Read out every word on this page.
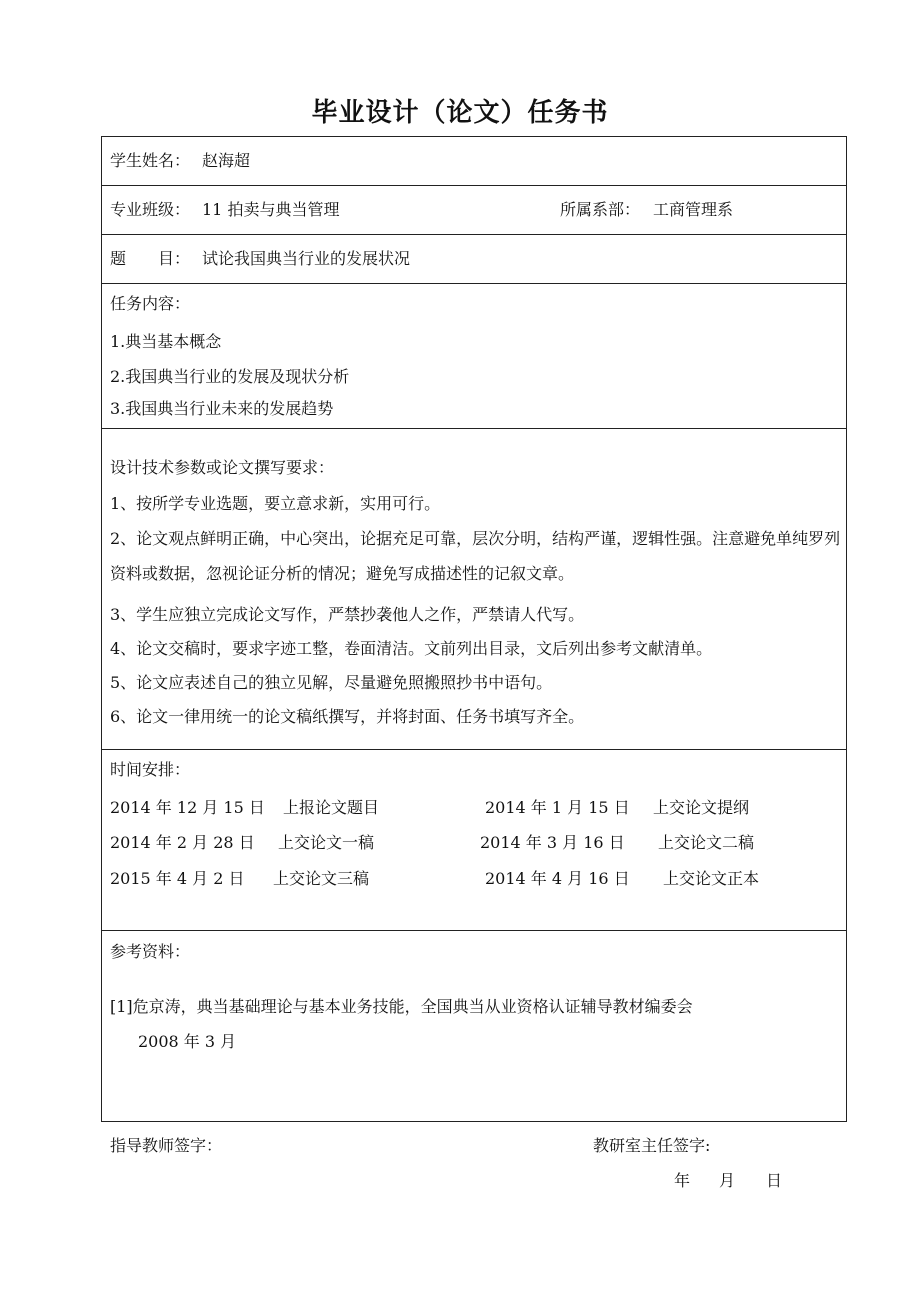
毕业设计（论文）任务书
学生姓名： 赵海超
专业班级： 11 拍卖与典当管理	所属系部： 工商管理系
题　　目： 试论我国典当行业的发展状况
任务内容：
1.典当基本概念
2.我国典当行业的发展及现状分析
3.我国典当行业未来的发展趋势
设计技术参数或论文撰写要求：
1、按所学专业选题，要立意求新，实用可行。
2、论文观点鲜明正确，中心突出，论据充足可靠，层次分明，结构严谨，逻辑性强。注意避免单纯罗列资料或数据，忽视论证分析的情况；避免写成描述性的记叙文章。
3、学生应独立完成论文写作，严禁抄袭他人之作，严禁请人代写。
4、论文交稿时，要求字迹工整，卷面清洁。文前列出目录，文后列出参考文献清单。
5、论文应表述自己的独立见解，尽量避免照搬照抄书中语句。
6、论文一律用统一的论文稿纸撰写，并将封面、任务书填写齐全。
时间安排：
2014 年 12 月 15 日 上报论文题目	2014 年 1 月 15 日 上交论文提纲
2014 年 2 月 28 日 上交论文一稿	2014 年 3 月 16 日 上交论文二稿
2015 年 4 月 2 日 上交论文三稿	2014 年 4 月 16 日 上交论文正本
参考资料：
[1]危京涛，典当基础理论与基本业务技能，全国典当从业资格认证辅导教材编委会
2008 年 3 月
指导教师签字：	教研室主任签字:
年 月 日
